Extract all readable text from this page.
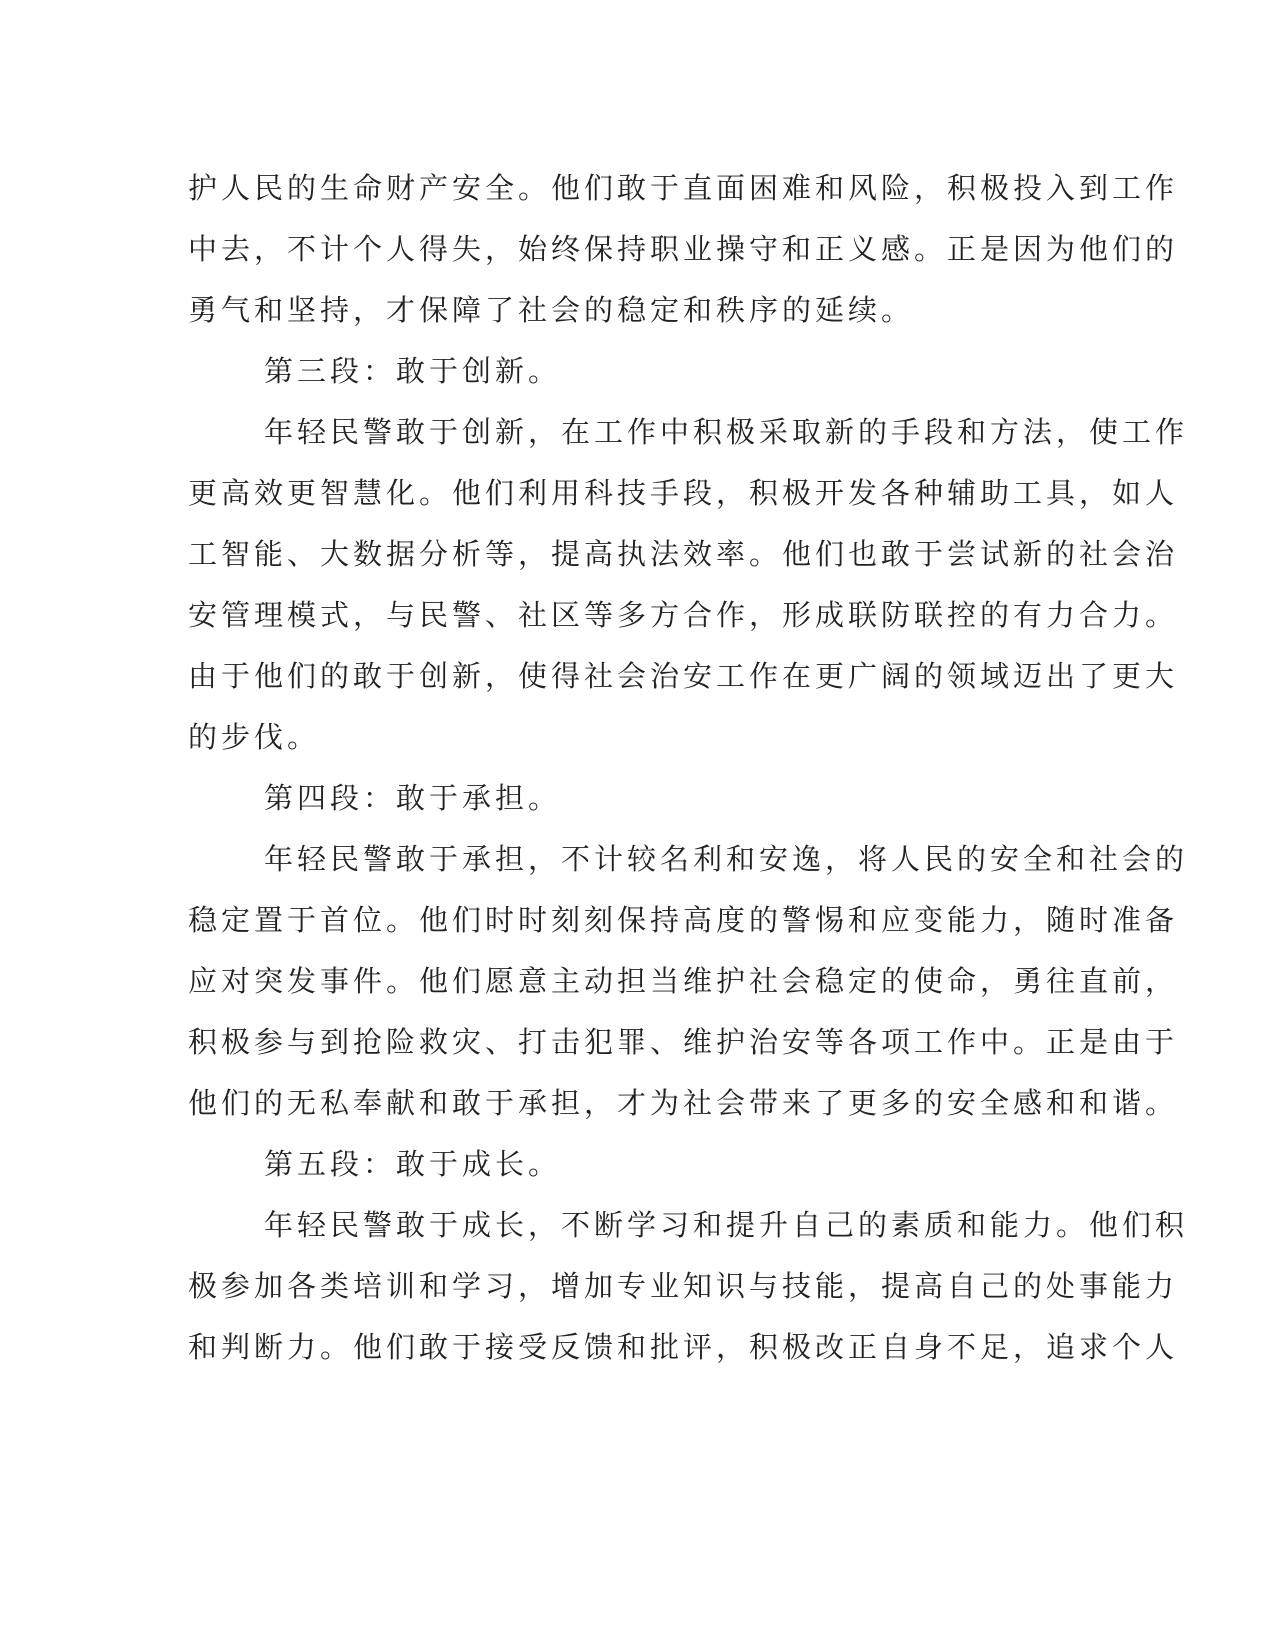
护人民的生命财产安全。他们敢于直面困难和风险，积极投入到工作
中去，不计个人得失，始终保持职业操守和正义感。正是因为他们的
勇气和坚持，才保障了社会的稳定和秩序的延续。
第三段：敢于创新。
年轻民警敢于创新，在工作中积极采取新的手段和方法，使工作
更高效更智慧化。他们利用科技手段，积极开发各种辅助工具，如人
工智能、大数据分析等，提高执法效率。他们也敢于尝试新的社会治
安管理模式，与民警、社区等多方合作，形成联防联控的有力合力。
由于他们的敢于创新，使得社会治安工作在更广阔的领域迈出了更大
的步伐。
第四段：敢于承担。
年轻民警敢于承担，不计较名利和安逸，将人民的安全和社会的
稳定置于首位。他们时时刻刻保持高度的警惕和应变能力，随时准备
应对突发事件。他们愿意主动担当维护社会稳定的使命，勇往直前，
积极参与到抢险救灾、打击犯罪、维护治安等各项工作中。正是由于
他们的无私奉献和敢于承担，才为社会带来了更多的安全感和和谐。
第五段：敢于成长。
年轻民警敢于成长，不断学习和提升自己的素质和能力。他们积
极参加各类培训和学习，增加专业知识与技能，提高自己的处事能力
和判断力。他们敢于接受反馈和批评，积极改正自身不足，追求个人
